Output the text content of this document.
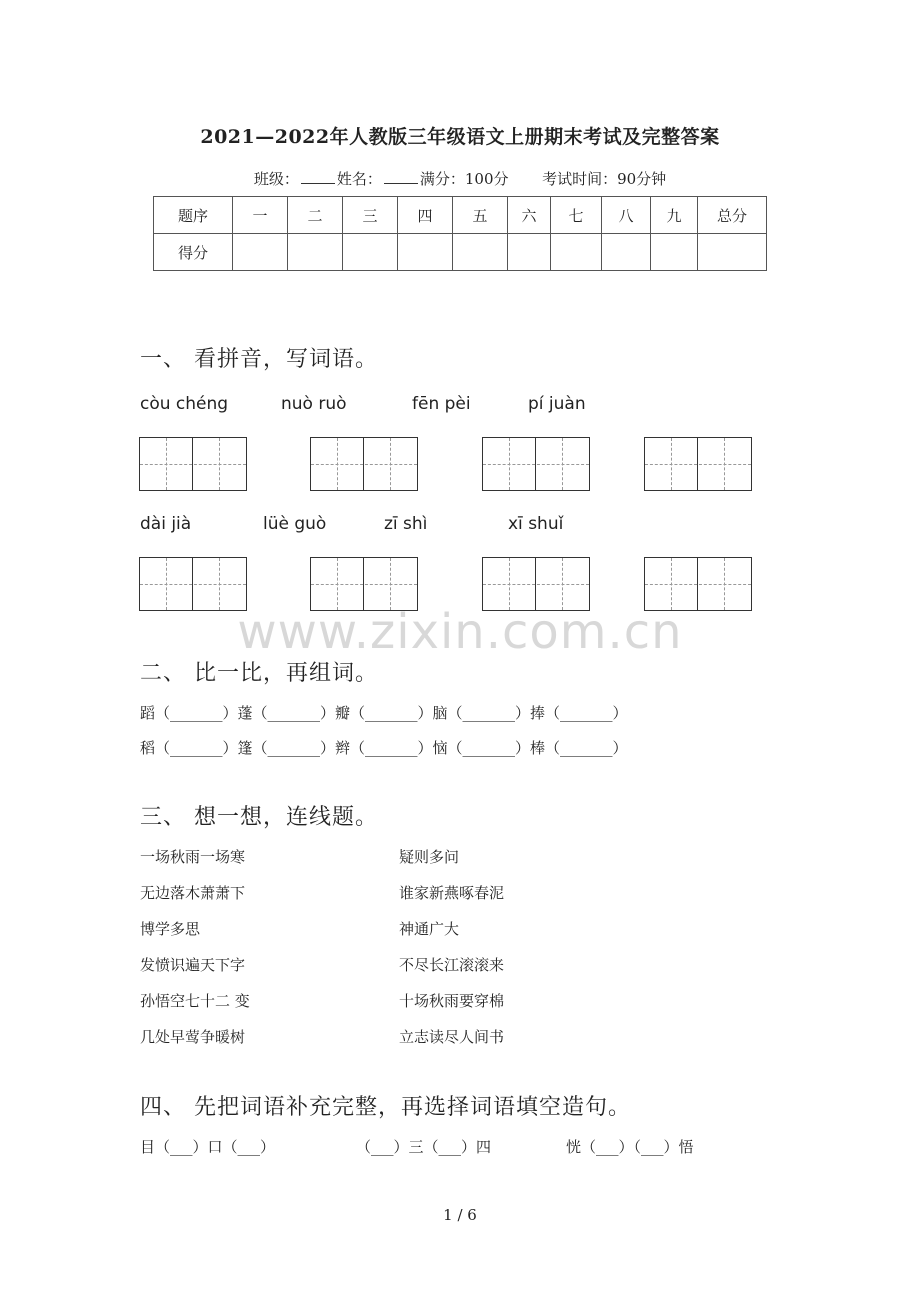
2021—2022年人教版三年级语文上册期末考试及完整答案
班级：	姓名：	满分：100分 考试时间：90分钟
题序	一	二	三	四	五	六	七	八	九	总分
得分										
一、 看拼音，写词语。
còu chéng	nuò ruò	fēn pèi	pí juàn
dài jià	lüè guò	zī shì	xī shuǐ
www.zixin.com.cn
二、 比一比，再组词。
蹈（_______）蓬（_______）瓣（_______）脑（_______）捧（_______）
稻（_______）篷（_______）辫（_______）恼（_______）棒（_______）
三、 想一想，连线题。
一场秋雨一场寒
无边落木萧萧下
博学多思
发愤识遍天下字
孙悟空七十二 变
几处早莺争暖树
疑则多问
谁家新燕啄春泥
神通广大
不尽长江滚滚来
十场秋雨要穿棉
立志读尽人间书
四、 先把词语补充完整，再选择词语填空造句。
目（___）口（___）	（___）三（___）四	恍（___）（___）悟
1 / 6
